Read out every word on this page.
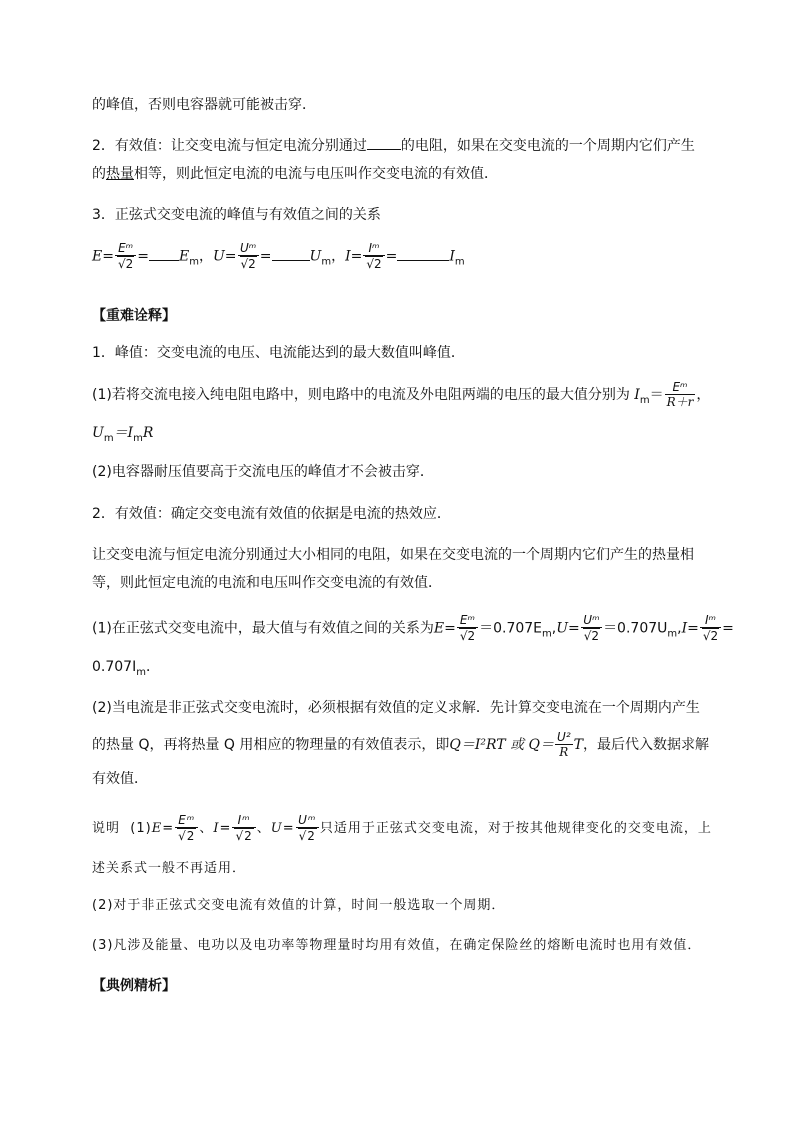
的峰值，否则电容器就可能被击穿．
2．有效值：让交变电流与恒定电流分别通过 的电阻，如果在交变电流的一个周期内它们产生
的热量相等，则此恒定电流的电流与电压叫作交变电流的有效值．
3．正弦式交变电流的峰值与有效值之间的关系
$E= \frac{\text{Eᵐ}}{√2} = E_m$，$U= \frac{\text{Uᵐ}}{√2}$ =	$U_m$，$I= \frac{\text{Iᵐ}}{√2}$ =	$I_m$
【重难诠释】
1．峰值：交变电流的电压、电流能达到的最大数值叫峰值．
(1)若将交流电接入纯电阻电路中，则电路中的电流及外电阻两端的电压的最大值分别为 $I_m= \frac{\text{Eᵐ}}{R+r}$ ，
$U_m=I_mR$
(2)电容器耐压值要高于交流电压的峰值才不会被击穿．
2．有效值：确定交变电流有效值的依据是电流的热效应．
让交变电流与恒定电流分别通过大小相同的电阻，如果在交变电流的一个周期内它们产生的热量相
等，则此恒定电流的电流和电压叫作交变电流的有效值．
(1)在正弦式交变电流中，最大值与有效值之间的关系为$E= \frac{\text{Eᵐ}}{√2} =0.707E_m,U= \frac{\text{Uᵐ}}{√2} =0.707U_m,I= \frac{\text{Iᵐ}}{√2}$ =
$0.707I_m$．
(2)当电流是非正弦式交变电流时，必须根据有效值的定义求解．先计算交变电流在一个周期内产生
的热量 Q，再将热量 Q 用相应的物理量的有效值表示，即Q＝I²RT 或 $Q= \frac{\text{U²}}{R}$ T，最后代入数据求解
有效值．
说明 $(1)E= \frac{\text{Eᵐ}}{√2}$ 、$I= \frac{\text{Iᵐ}}{√2}$ 、$U= \frac{\text{Uᵐ}}{√2}$ 只适用于正弦式交变电流，对于按其他规律变化的交变电流，上
述关系式一般不再适用．
(2)对于非正弦式交变电流有效值的计算，时间一般选取一个周期．
(3)凡涉及能量、电功以及电功率等物理量时均用有效值，在确定保险丝的熔断电流时也用有效值．
【典例精析】
